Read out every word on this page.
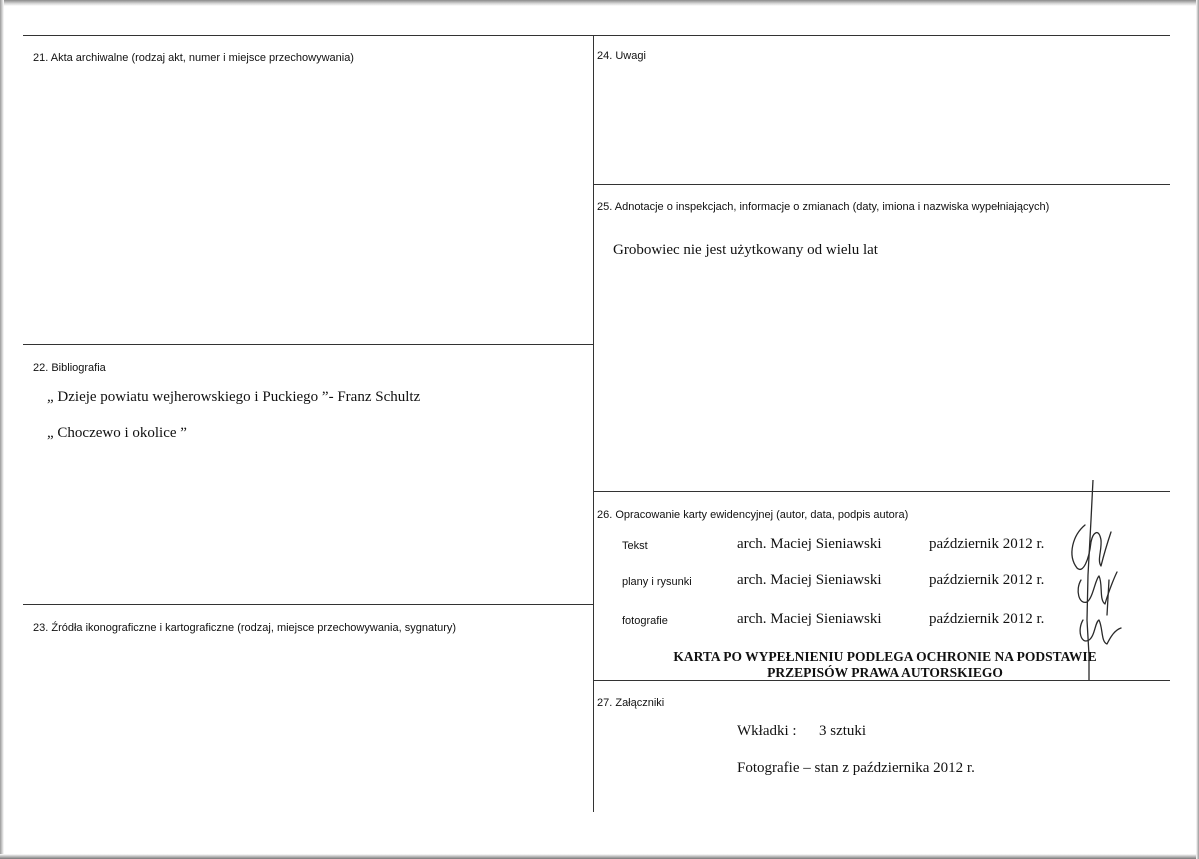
21. Akta archiwalne (rodzaj akt, numer i miejsce przechowywania)
22. Bibliografia
„ Dzieje powiatu wejherowskiego i Puckiego ”- Franz Schultz
„ Choczewo i okolice ”
23. Źródła ikonograficzne i kartograficzne (rodzaj, miejsce przechowywania, sygnatury)
24. Uwagi
25. Adnotacje o inspekcjach, informacje o zmianach (daty, imiona i nazwiska wypełniających)
Grobowiec nie jest użytkowany od wielu lat
26. Opracowanie karty ewidencyjnej (autor, data, podpis autora)
Tekst	arch. Maciej Sieniawski	październik 2012 r.
plany i rysunki	arch. Maciej Sieniawski	październik 2012 r.
fotografie	arch. Maciej Sieniawski	październik 2012 r.
KARTA PO WYPEŁNIENIU PODLEGA OCHRONIE NA PODSTAWIE
PRZEPISÓW PRAWA AUTORSKIEGO
27. Załączniki
Wkładki : 3 sztuki
Fotografie – stan z października 2012 r.
